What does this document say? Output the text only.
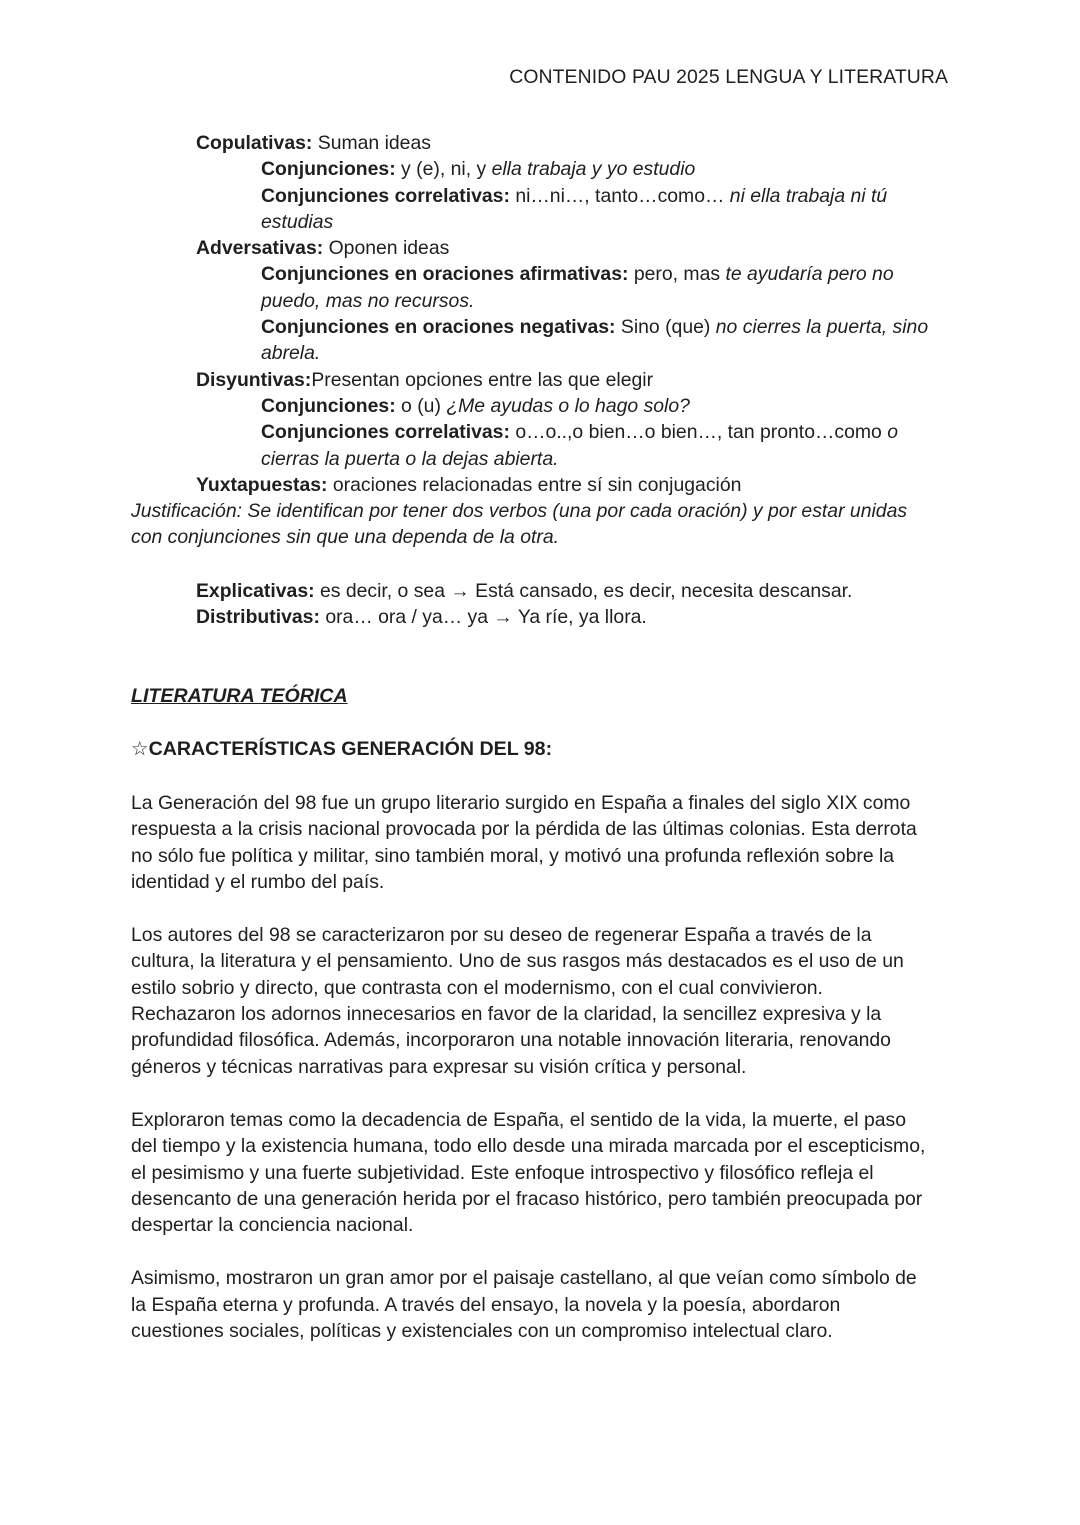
CONTENIDO PAU 2025 LENGUA Y LITERATURA

Copulativas: Suman ideas

Conjunciones: y (e), ni, y ella trabaja y yo estudio

Conjunciones correlativas: ni…ni…, tanto…como… ni ella trabaja ni tú

estudias

Adversativas: Oponen ideas

Conjunciones en oraciones afirmativas: pero, mas te ayudaría pero no

puedo, mas no recursos.

Conjunciones en oraciones negativas: Sino (que) no cierres la puerta, sino

abrela.

Disyuntivas:Presentan opciones entre las que elegir

Conjunciones: o (u) ¿Me ayudas o lo hago solo?

Conjunciones correlativas: o…o..,o bien…o bien…, tan pronto…como o

cierras la puerta o la dejas abierta.

Yuxtapuestas: oraciones relacionadas entre sí sin conjugación

Justificación: Se identifican por tener dos verbos (una por cada oración) y por estar unidas

con conjunciones sin que una dependa de la otra.

Explicativas: es decir, o sea → Está cansado, es decir, necesita descansar.

Distributivas: ora… ora / ya… ya → Ya ríe, ya llora.

LITERATURA TEÓRICA
☆CARACTERÍSTICAS GENERACIÓN DEL 98:

La Generación del 98 fue un grupo literario surgido en España a finales del siglo XIX como
respuesta a la crisis nacional provocada por la pérdida de las últimas colonias. Esta derrota
no sólo fue política y militar, sino también moral, y motivó una profunda reflexión sobre la
identidad y el rumbo del país.

Los autores del 98 se caracterizaron por su deseo de regenerar España a través de la
cultura, la literatura y el pensamiento. Uno de sus rasgos más destacados es el uso de un
estilo sobrio y directo, que contrasta con el modernismo, con el cual convivieron.
Rechazaron los adornos innecesarios en favor de la claridad, la sencillez expresiva y la
profundidad filosófica. Además, incorporaron una notable innovación literaria, renovando
géneros y técnicas narrativas para expresar su visión crítica y personal.

Exploraron temas como la decadencia de España, el sentido de la vida, la muerte, el paso
del tiempo y la existencia humana, todo ello desde una mirada marcada por el escepticismo,
el pesimismo y una fuerte subjetividad. Este enfoque introspectivo y filosófico refleja el
desencanto de una generación herida por el fracaso histórico, pero también preocupada por
despertar la conciencia nacional.

Asimismo, mostraron un gran amor por el paisaje castellano, al que veían como símbolo de
la España eterna y profunda. A través del ensayo, la novela y la poesía, abordaron
cuestiones sociales, políticas y existenciales con un compromiso intelectual claro.
